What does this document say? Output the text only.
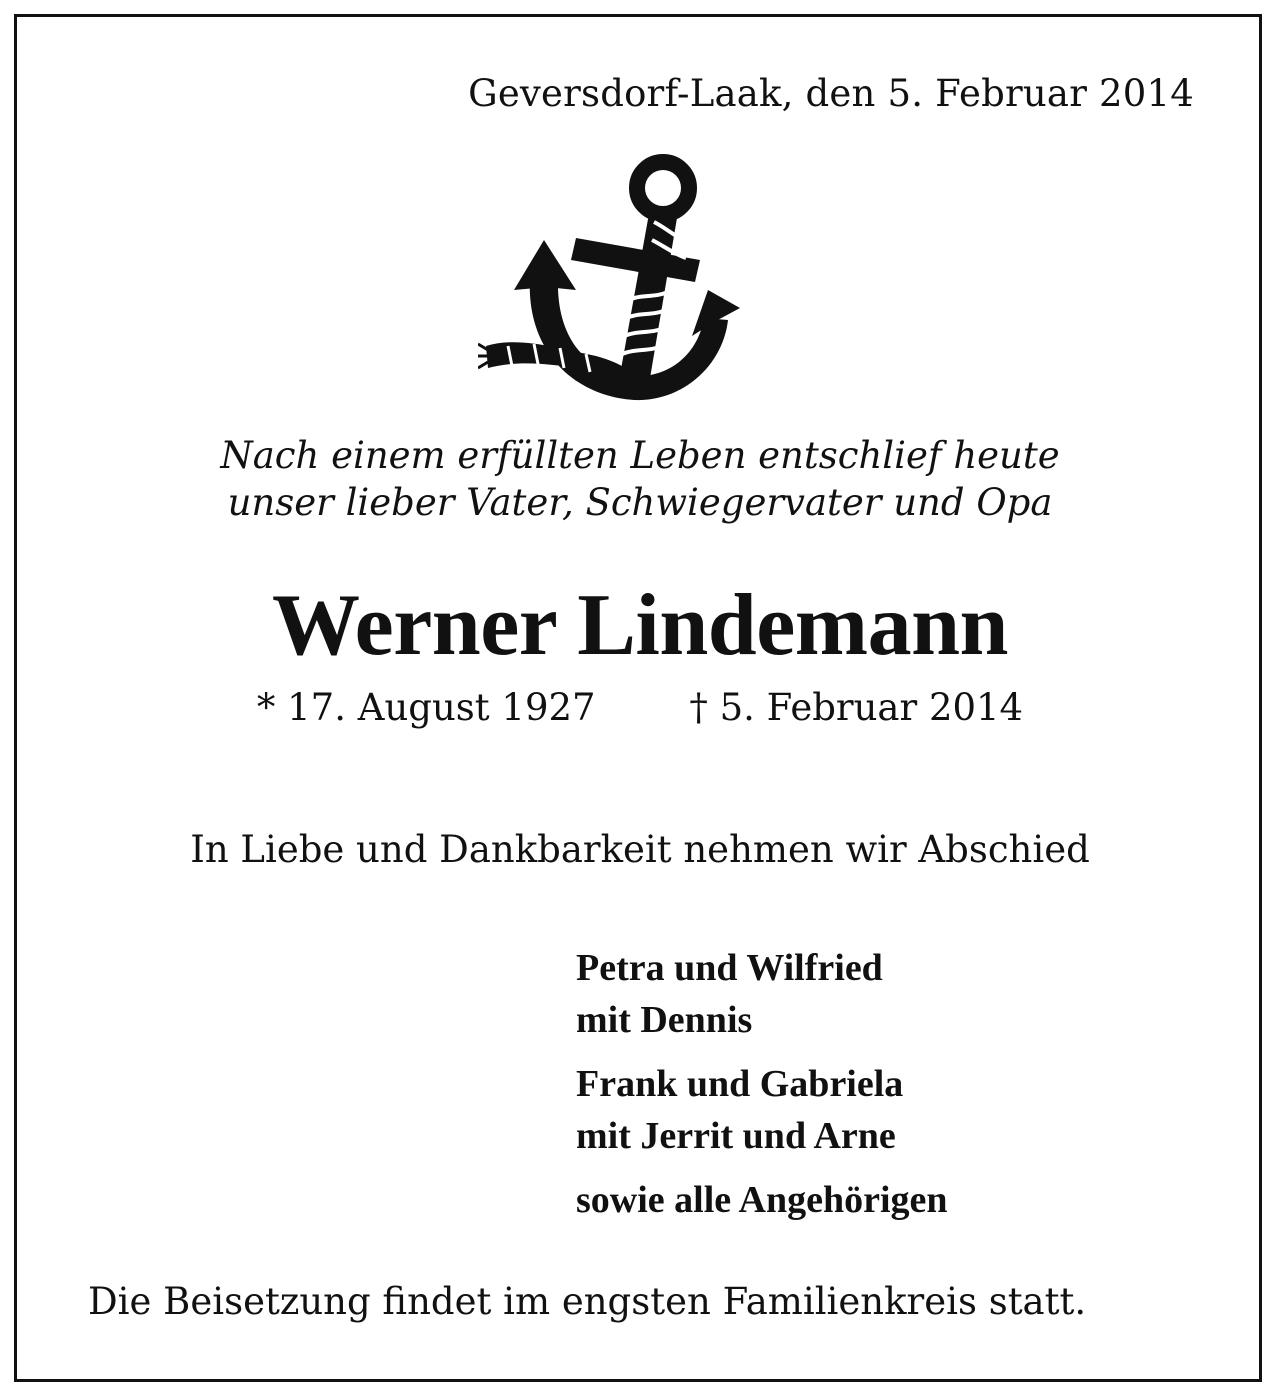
Geversdorf-Laak, den 5. Februar 2014
Nach einem erfüllten Leben entschlief heute
unser lieber Vater, Schwiegervater und Opa
Werner Lindemann
* 17. August 1927	† 5. Februar 2014
In Liebe und Dankbarkeit nehmen wir Abschied
Petra und Wilfried
mit Dennis
Frank und Gabriela
mit Jerrit und Arne
sowie alle Angehörigen
Die Beisetzung findet im engsten Familienkreis statt.
